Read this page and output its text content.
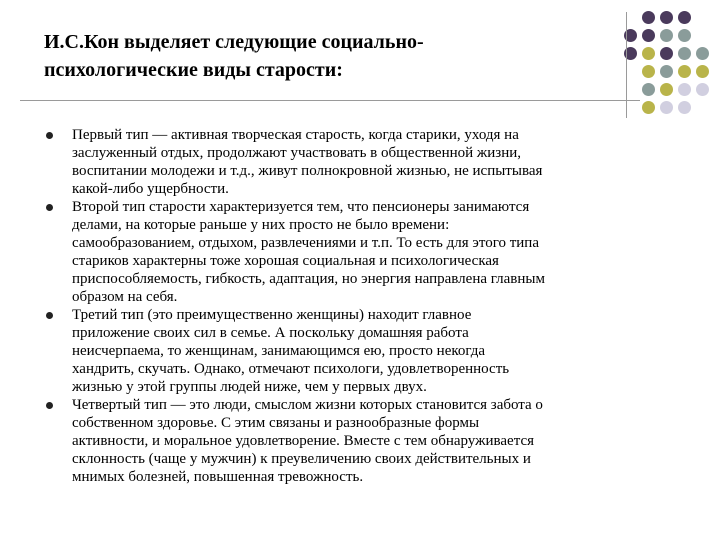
И.С.Кон выделяет следующие социально-
психологические виды старости:
Первый тип — активная творческая старость, когда старики, уходя на
заслуженный отдых, продолжают участвовать в общественной жизни,
воспитании молодежи и т.д., живут полнокровной жизнью, не испытывая
какой-либо ущербности.
Второй тип старости характеризуется тем, что пенсионеры занимаются
делами, на которые раньше у них просто не было времени:
самообразованием, отдыхом, развлечениями и т.п. То есть для этого типа
стариков характерны тоже хорошая социальная и психологическая
приспособляемость, гибкость, адаптация, но энергия направлена главным
образом на себя.
Третий тип (это преимущественно женщины) находит главное
приложение своих сил в семье. А поскольку домашняя работа
неисчерпаема, то женщинам, занимающимся ею, просто некогда
хандрить, скучать. Однако, отмечают психологи, удовлетворенность
жизнью у этой группы людей ниже, чем у первых двух.
Четвертый тип — это люди, смыслом жизни которых становится забота о
собственном здоровье. С этим связаны и разнообразные формы
активности, и моральное удовлетворение. Вместе с тем обнаруживается
склонность (чаще у мужчин) к преувеличению своих действительных и
мнимых болезней, повышенная тревожность.
